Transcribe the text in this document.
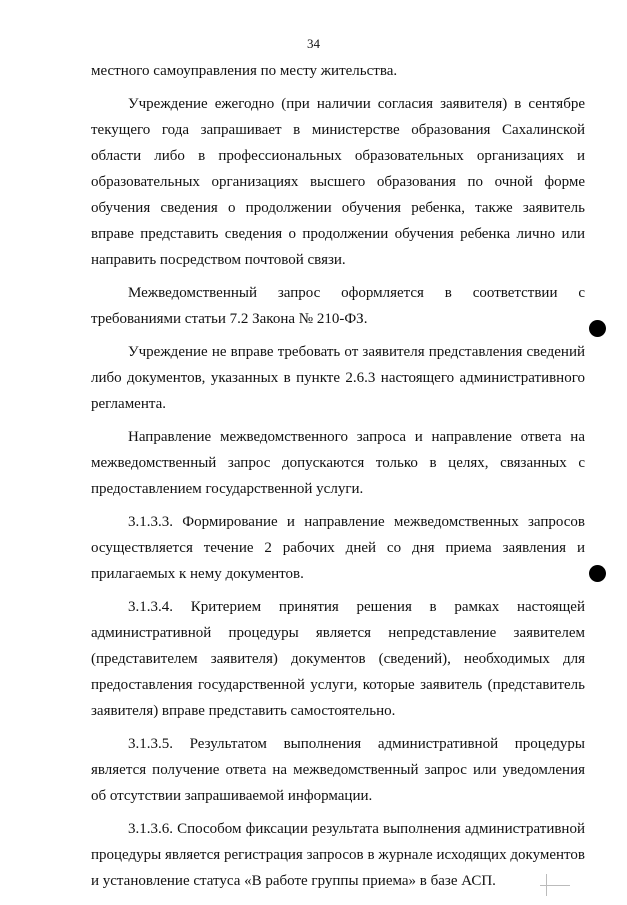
34

местного самоуправления по месту жительства.

Учреждение ежегодно (при наличии согласия заявителя) в сентябре текущего года запрашивает в министерстве образования Сахалинской области либо в профессиональных образовательных организациях и образовательных организациях высшего образования по очной форме обучения сведения о продолжении обучения ребенка, также заявитель вправе представить сведения о продолжении обучения ребенка лично или направить посредством почтовой связи.

Межведомственный запрос оформляется в соответствии с требованиями статьи 7.2 Закона № 210-ФЗ.

Учреждение не вправе требовать от заявителя представления сведений либо документов, указанных в пункте 2.6.3 настоящего административного регламента.

Направление межведомственного запроса и направление ответа на межведомственный запрос допускаются только в целях, связанных с предоставлением государственной услуги.

3.1.3.3. Формирование и направление межведомственных запросов осуществляется течение 2 рабочих дней со дня приема заявления и прилагаемых к нему документов.

3.1.3.4. Критерием принятия решения в рамках настоящей административной процедуры является непредставление заявителем (представителем заявителя) документов (сведений), необходимых для предоставления государственной услуги, которые заявитель (представитель заявителя) вправе представить самостоятельно.

3.1.3.5. Результатом выполнения административной процедуры является получение ответа на межведомственный запрос или уведомления об отсутствии запрашиваемой информации.

3.1.3.6. Способом фиксации результата выполнения административной процедуры является регистрация запросов в журнале исходящих документов и установление статуса «В работе группы приема» в базе АСП.
